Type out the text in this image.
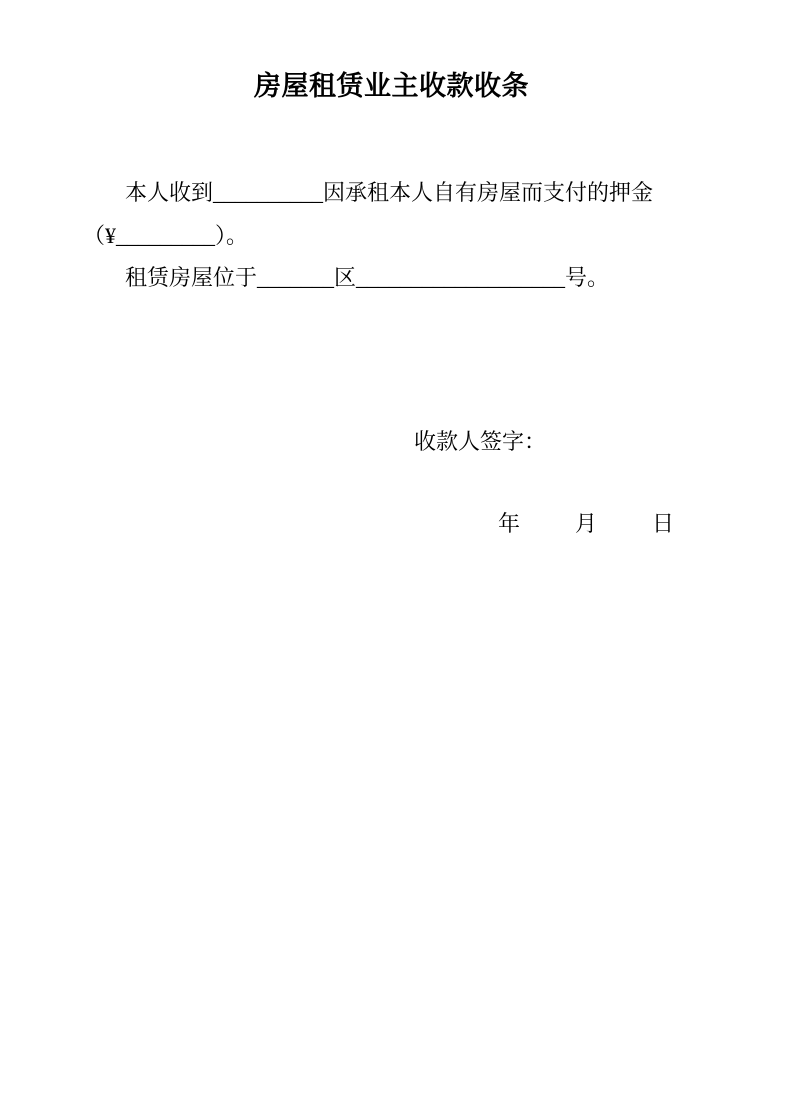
房屋租赁业主收款收条
本人收到__________因承租本人自有房屋而支付的押金
（¥_________）。
租赁房屋位于_______区___________________号。
收款人签字：
年	月	日
